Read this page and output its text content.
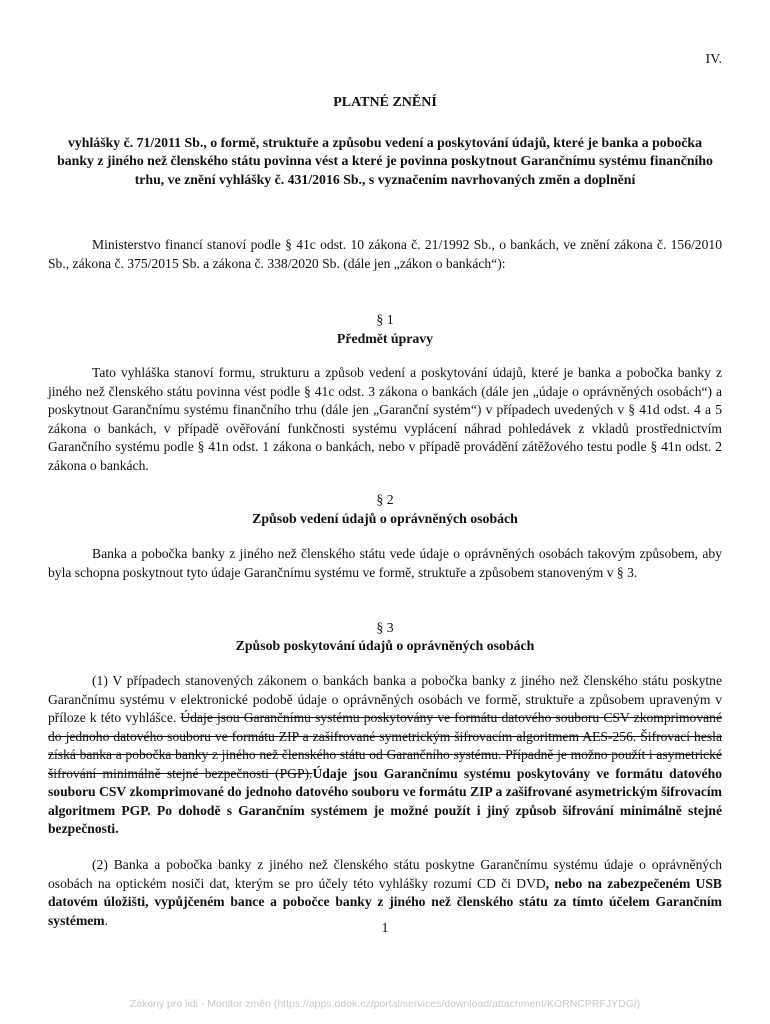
IV.
PLATNÉ ZNĚNÍ
vyhlášky č. 71/2011 Sb., o formě, struktuře a způsobu vedení a poskytování údajů, které je banka a pobočka banky z jiného než členského státu povinna vést a které je povinna poskytnout Garančnímu systému finančního trhu, ve znění vyhlášky č. 431/2016 Sb., s vyznačením navrhovaných změn a doplnění
Ministerstvo financí stanoví podle § 41c odst. 10 zákona č. 21/1992 Sb., o bankách, ve znění zákona č. 156/2010 Sb., zákona č. 375/2015 Sb. a zákona č. 338/2020 Sb. (dále jen „zákon o bankách“):
§ 1
Předmět úpravy
Tato vyhláška stanoví formu, strukturu a způsob vedení a poskytování údajů, které je banka a pobočka banky z jiného než členského státu povinna vést podle § 41c odst. 3 zákona o bankách (dále jen „údaje o oprávněných osobách“) a poskytnout Garančnímu systému finančního trhu (dále jen „Garanční systém“) v případech uvedených v § 41d odst. 4 a 5 zákona o bankách, v případě ověřování funkčnosti systému vyplácení náhrad pohledávek z vkladů prostřednictvím Garančního systému podle § 41n odst. 1 zákona o bankách, nebo v případě provádění zátěžového testu podle § 41n odst. 2 zákona o bankách.
§ 2
Způsob vedení údajů o oprávněných osobách
Banka a pobočka banky z jiného než členského státu vede údaje o oprávněných osobách takovým způsobem, aby byla schopna poskytnout tyto údaje Garančnímu systému ve formě, struktuře a způsobem stanoveným v § 3.
§ 3
Způsob poskytování údajů o oprávněných osobách
(1) V případech stanovených zákonem o bankách banka a pobočka banky z jiného než členského státu poskytne Garančnímu systému v elektronické podobě údaje o oprávněných osobách ve formě, struktuře a způsobem upraveným v příloze k této vyhlášce. Údaje jsou Garančnímu systému poskytovány ve formátu datového souboru CSV zkomprimované do jednoho datového souboru ve formátu ZIP a zašifrované symetrickým šifrovacím algoritmem AES-256. Šifrovací hesla získá banka a pobočka banky z jiného než členského státu od Garančního systému. Případně je možno použít i asymetrické šifrování minimálně stejné bezpečnosti (PGP).Údaje jsou Garančnímu systému poskytovány ve formátu datového souboru CSV zkomprimované do jednoho datového souboru ve formátu ZIP a zašifrované asymetrickým šifrovacím algoritmem PGP. Po dohodě s Garančním systémem je možné použít i jiný způsob šifrování minimálně stejné bezpečnosti.
(2) Banka a pobočka banky z jiného než členského státu poskytne Garančnímu systému údaje o oprávněných osobách na optickém nosiči dat, kterým se pro účely této vyhlášky rozumí CD či DVD, nebo na zabezpečeném USB datovém úložišti, vypůjčeném bance a pobočce banky z jiného než členského státu za tímto účelem Garančním systémem.
1
Zákony pro lidi - Monitor změn (https://apps.odok.cz/portal/services/download/attachment/KORNCPRFJYDG/)
